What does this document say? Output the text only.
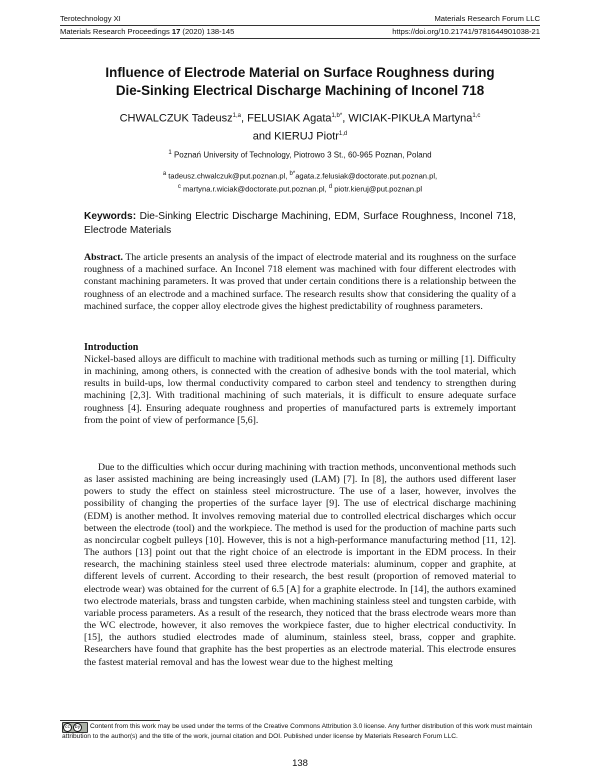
Terotechnology XI	Materials Research Forum LLC
Materials Research Proceedings 17 (2020) 138-145	https://doi.org/10.21741/9781644901038-21
Influence of Electrode Material on Surface Roughness during
Die-Sinking Electrical Discharge Machining of Inconel 718
CHWALCZUK Tadeusz$^{1,a}$, FELUSIAK Agata$^{1,b*}$, WICIAK-PIKUŁA Martyna$^{1,c}$
and KIERUJ Piotr$^{1,d}$
$^1$ Poznań University of Technology, Piotrowo 3 St., 60-965 Poznan, Poland
$^a$ tadeusz.chwalczuk@put.poznan.pl, $^{b*}$agata.z.felusiak@doctorate.put.poznan.pl,
$^c$ martyna.r.wiciak@doctorate.put.poznan.pl, $^d$ piotr.kieruj@put.poznan.pl
Keywords: Die-Sinking Electric Discharge Machining, EDM, Surface Roughness, Inconel 718, Electrode Materials
Abstract. The article presents an analysis of the impact of electrode material and its roughness on the surface roughness of a machined surface. An Inconel 718 element was machined with four different electrodes with constant machining parameters. It was proved that under certain conditions there is a relationship between the roughness of an electrode and a machined surface. The research results show that considering the quality of a machined surface, the copper alloy electrode gives the highest predictability of roughness parameters.
Introduction
Nickel-based alloys are difficult to machine with traditional methods such as turning or milling [1]. Difficulty in machining, among others, is connected with the creation of adhesive bonds with the tool material, which results in build-ups, low thermal conductivity compared to carbon steel and tendency to strengthen during machining [2,3]. With traditional machining of such materials, it is difficult to ensure adequate surface roughness [4]. Ensuring adequate roughness and properties of manufactured parts is extremely important from the point of view of performance [5,6].
Due to the difficulties which occur during machining with traction methods, unconventional methods such as laser assisted machining are being increasingly used (LAM) [7]. In [8], the authors used different laser powers to study the effect on stainless steel microstructure. The use of a laser, however, involves the possibility of changing the properties of the surface layer [9]. The use of electrical discharge machining (EDM) is another method. It involves removing material due to controlled electrical discharges which occur between the electrode (tool) and the workpiece. The method is used for the production of machine parts such as noncircular cogbelt pulleys [10]. However, this is not a high-performance manufacturing method [11, 12]. The authors [13] point out that the right choice of an electrode is important in the EDM process. In their research, the machining stainless steel used three electrode materials: aluminum, copper and graphite, at different levels of current. According to their research, the best result (proportion of removed material to electrode wear) was obtained for the current of 6.5 [A] for a graphite electrode. In [14], the authors examined two electrode materials, brass and tungsten carbide, when machining stainless steel and tungsten carbide, with variable process parameters. As a result of the research, they noticed that the brass electrode wears more than the WC electrode, however, it also removes the workpiece faster, due to higher electrical conductivity. In [15], the authors studied electrodes made of aluminum, stainless steel, brass, copper and graphite. Researchers have found that graphite has the best properties as an electrode material. This electrode ensures the fastest material removal and has the lowest wear due to the highest melting
cc	by	Content from this work may be used under the terms of the Creative Commons Attribution 3.0 license. Any further distribution of this work must maintain attribution to the author(s) and the title of the work, journal citation and DOI. Published under license by Materials Research Forum LLC.
138
